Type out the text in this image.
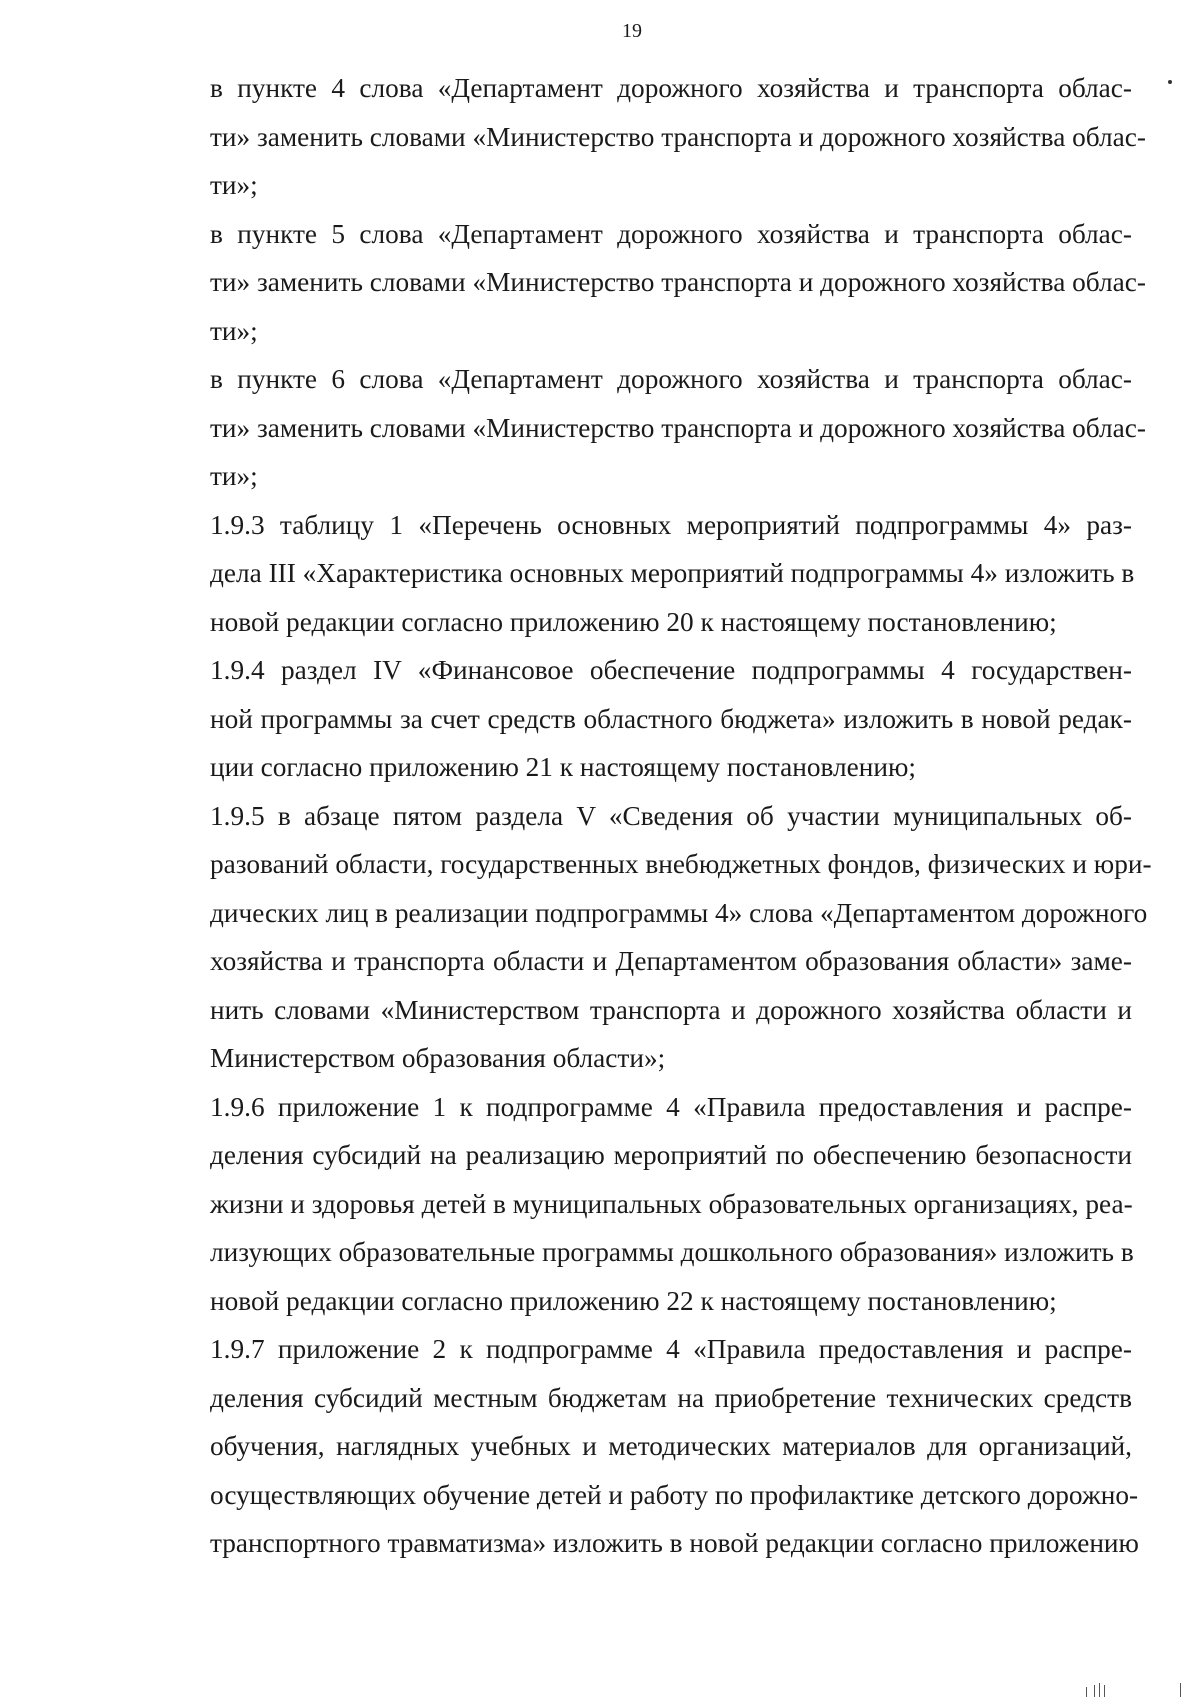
19

в пункте 4 слова «Департамент дорожного хозяйства и транспорта облас-
ти» заменить словами «Министерство транспорта и дорожного хозяйства облас-
ти»;

в пункте 5 слова «Департамент дорожного хозяйства и транспорта облас-
ти» заменить словами «Министерство транспорта и дорожного хозяйства облас-
ти»;

в пункте 6 слова «Департамент дорожного хозяйства и транспорта облас-
ти» заменить словами «Министерство транспорта и дорожного хозяйства облас-
ти»;

1.9.3 таблицу 1 «Перечень основных мероприятий подпрограммы 4» раз-
дела III «Характеристика основных мероприятий подпрограммы 4» изложить в
новой редакции согласно приложению 20 к настоящему постановлению;

1.9.4 раздел IV «Финансовое обеспечение подпрограммы 4 государствен-
ной программы за счет средств областного бюджета» изложить в новой редак-
ции согласно приложению 21 к настоящему постановлению;

1.9.5 в абзаце пятом раздела V «Сведения об участии муниципальных об-
разований области, государственных внебюджетных фондов, физических и юри-
дических лиц в реализации подпрограммы 4» слова «Департаментом дорожного
хозяйства и транспорта области и Департаментом образования области» заме-
нить словами «Министерством транспорта и дорожного хозяйства области и
Министерством образования области»;

1.9.6 приложение 1 к подпрограмме 4 «Правила предоставления и распре-
деления субсидий на реализацию мероприятий по обеспечению безопасности
жизни и здоровья детей в муниципальных образовательных организациях, реа-
лизующих образовательные программы дошкольного образования» изложить в
новой редакции согласно приложению 22 к настоящему постановлению;

1.9.7 приложение 2 к подпрограмме 4 «Правила предоставления и распре-
деления субсидий местным бюджетам на приобретение технических средств
обучения, наглядных учебных и методических материалов для организаций,
осуществляющих обучение детей и работу по профилактике детского дорожно-
транспортного травматизма» изложить в новой редакции согласно приложению
